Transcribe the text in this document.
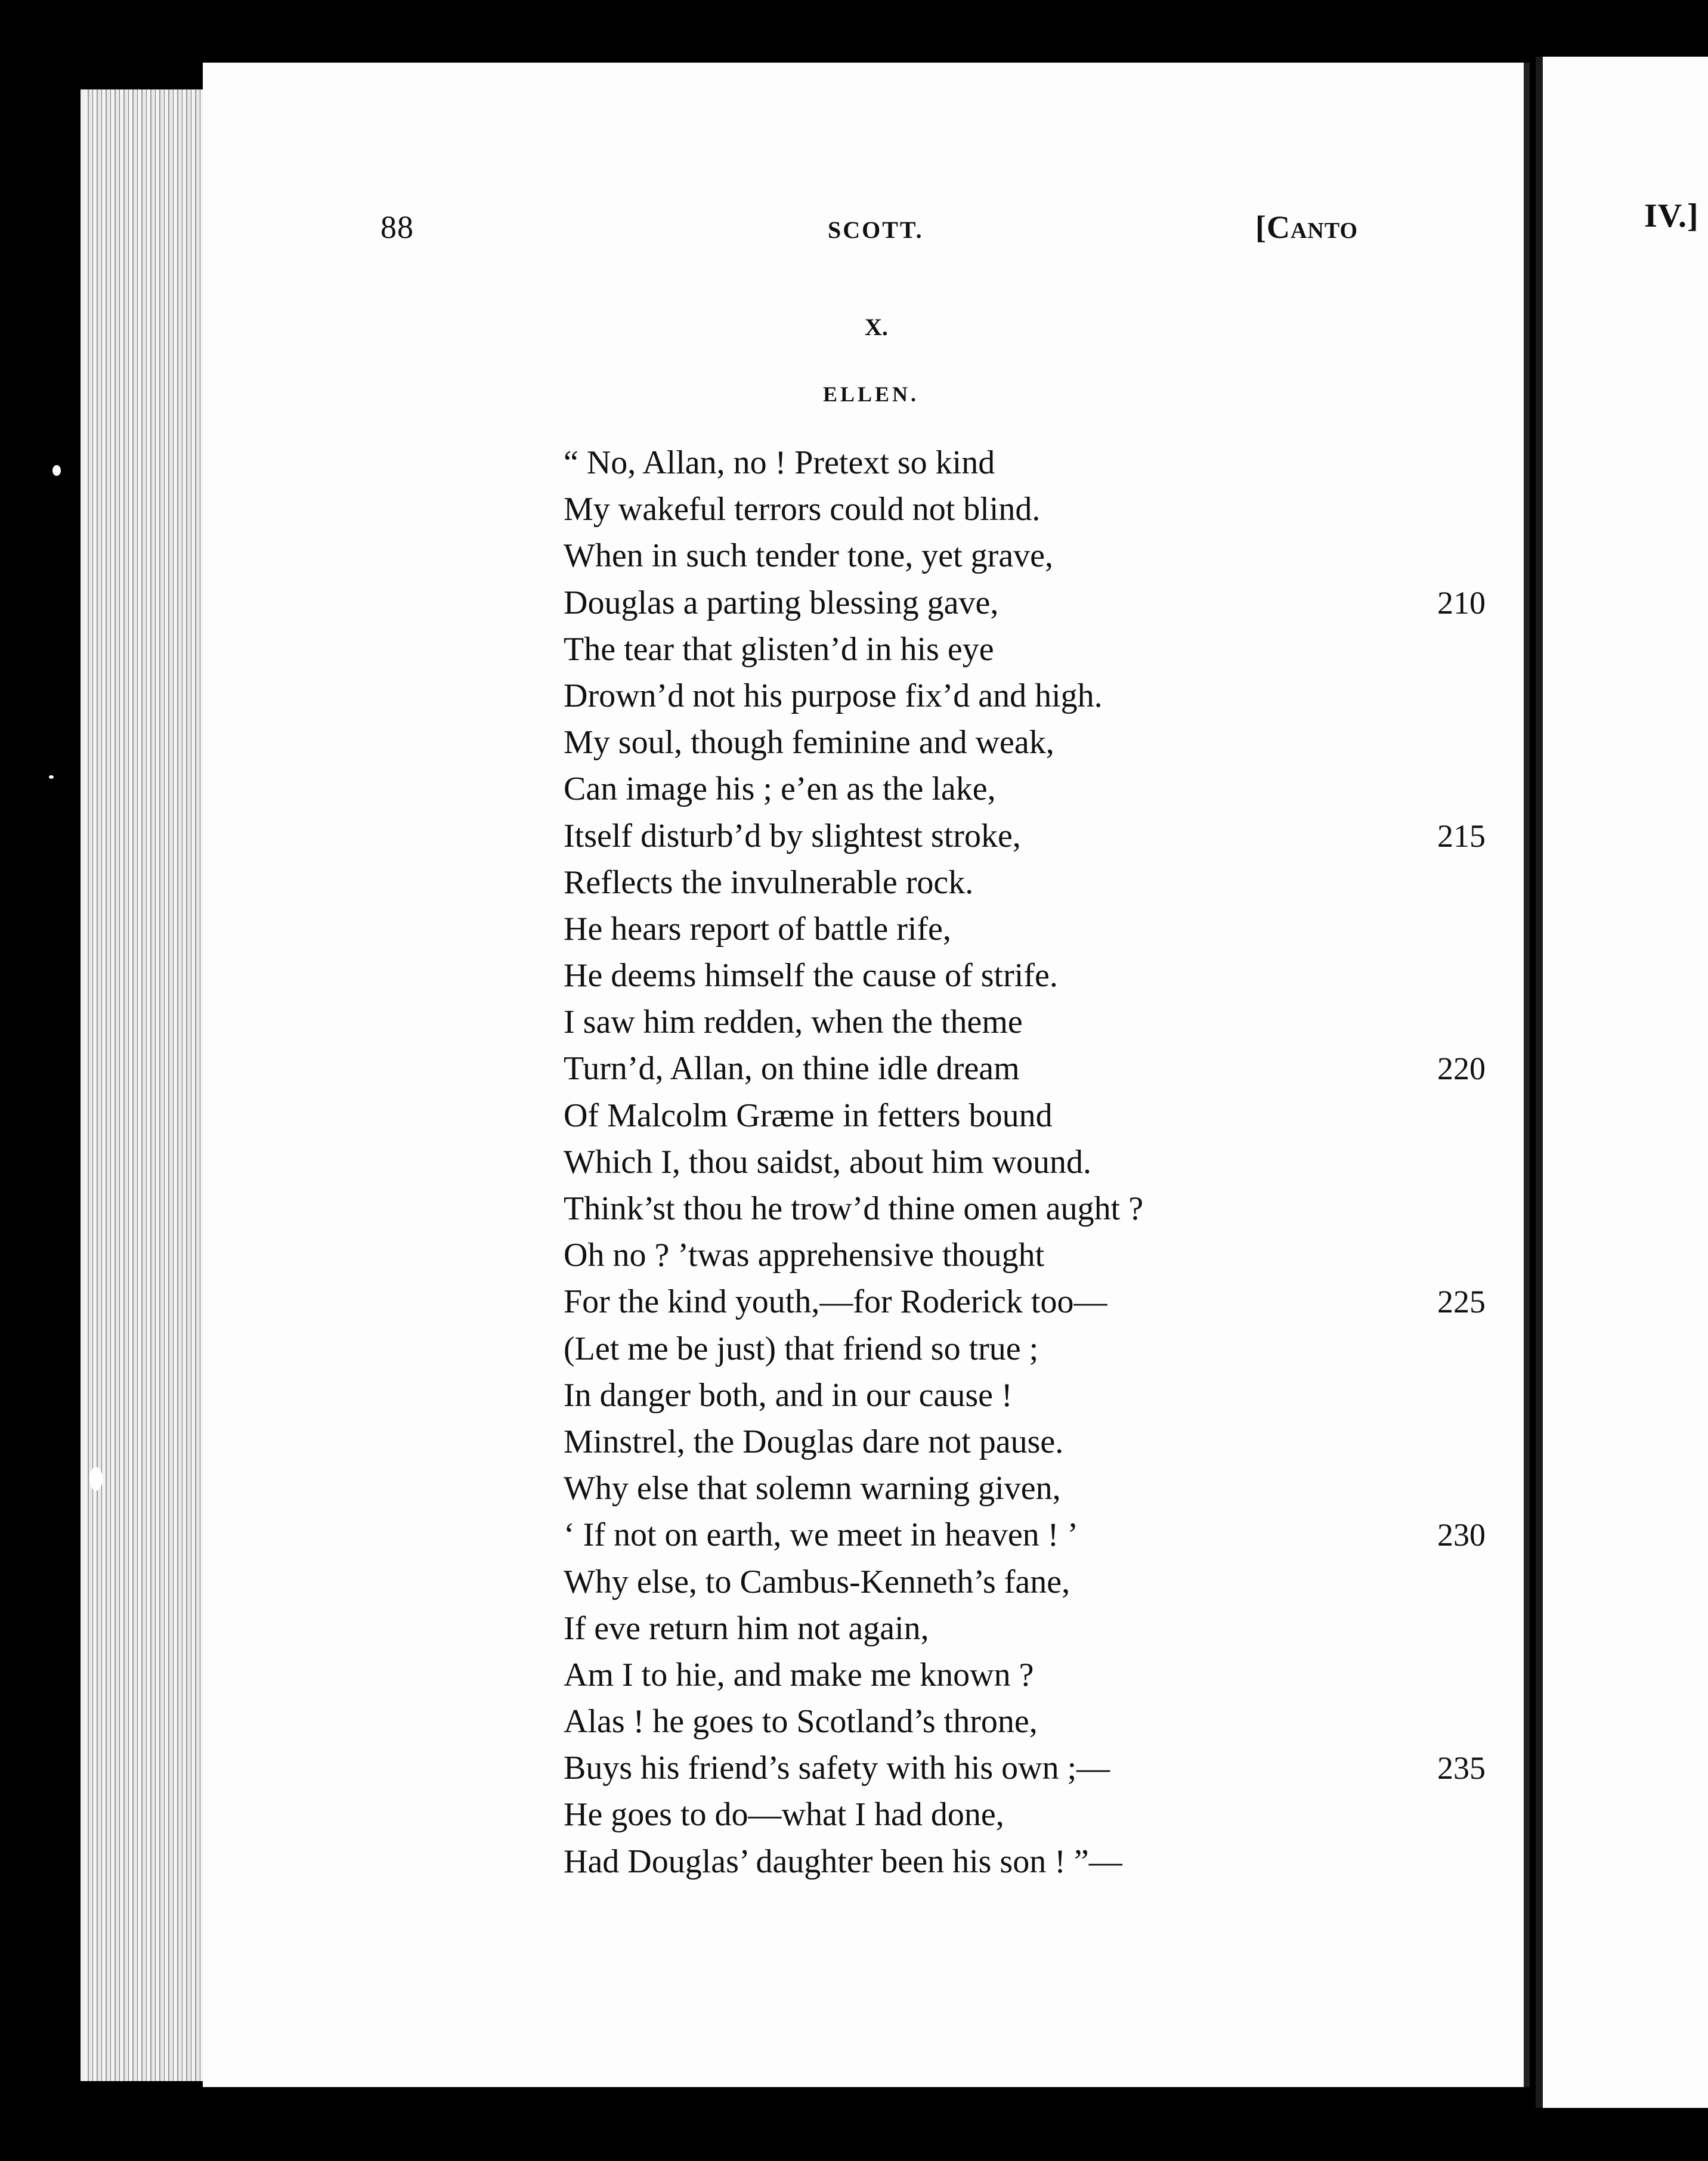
88	SCOTT.	[Canto
X.
ELLEN.
“ No, Allan, no ! Pretext so kind
My wakeful terrors could not blind.
When in such tender tone, yet grave,
Douglas a parting blessing gave,	210
The tear that glisten’d in his eye
Drown’d not his purpose fix’d and high.
My soul, though feminine and weak,
Can image his ; e’en as the lake,
Itself disturb’d by slightest stroke,	215
Reflects the invulnerable rock.
He hears report of battle rife,
He deems himself the cause of strife.
I saw him redden, when the theme
Turn’d, Allan, on thine idle dream	220
Of Malcolm Græme in fetters bound
Which I, thou saidst, about him wound.
Think’st thou he trow’d thine omen aught ?
Oh no ? ’twas apprehensive thought
For the kind youth,—for Roderick too—	225
(Let me be just) that friend so true ;
In danger both, and in our cause !
Minstrel, the Douglas dare not pause.
Why else that solemn warning given,
‘ If not on earth, we meet in heaven ! ’	230
Why else, to Cambus-Kenneth’s fane,
If eve return him not again,
Am I to hie, and make me known ?
Alas ! he goes to Scotland’s throne,
Buys his friend’s safety with his own ;—	235
He goes to do—what I had done,
Had Douglas’ daughter been his son ! ”—
IV.]
